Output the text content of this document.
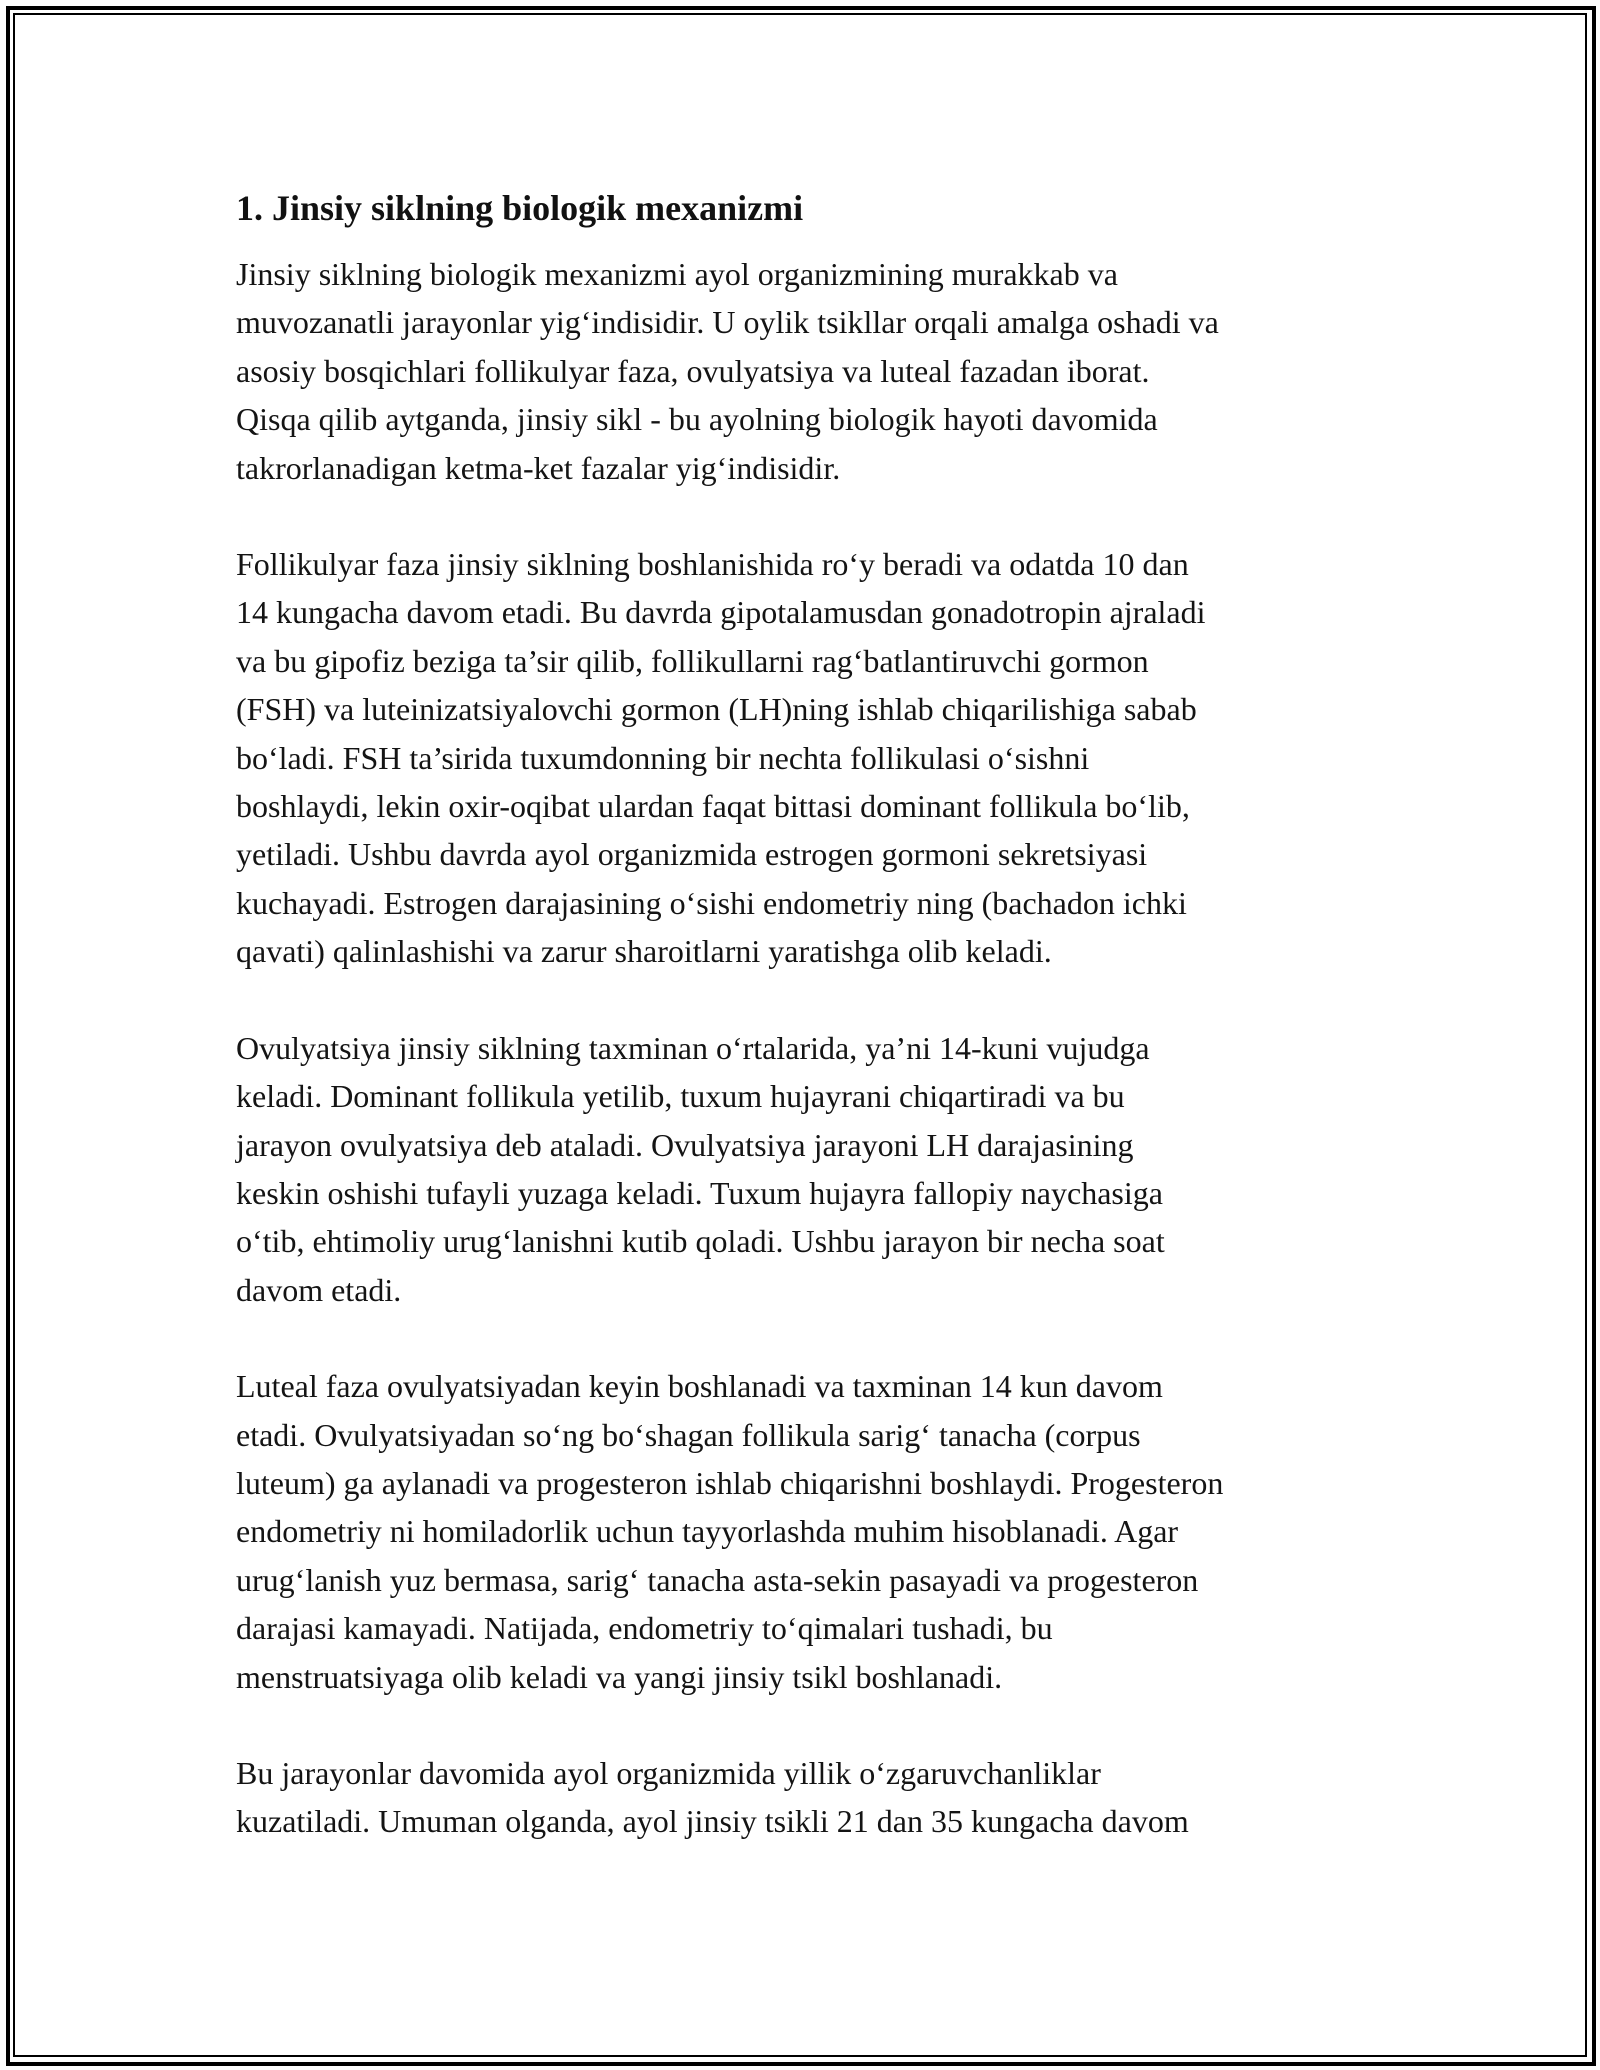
1. Jinsiy siklning biologik mexanizmi
Jinsiy siklning biologik mexanizmi ayol organizmining murakkab va
muvozanatli jarayonlar yig‘indisidir. U oylik tsikllar orqali amalga oshadi va
asosiy bosqichlari follikulyar faza, ovulyatsiya va luteal fazadan iborat.
Qisqa qilib aytganda, jinsiy sikl - bu ayolning biologik hayoti davomida
takrorlanadigan ketma-ket fazalar yig‘indisidir.
Follikulyar faza jinsiy siklning boshlanishida ro‘y beradi va odatda 10 dan
14 kungacha davom etadi. Bu davrda gipotalamusdan gonadotropin ajraladi
va bu gipofiz beziga ta’sir qilib, follikullarni rag‘batlantiruvchi gormon
(FSH) va luteinizatsiyalovchi gormon (LH)ning ishlab chiqarilishiga sabab
bo‘ladi. FSH ta’sirida tuxumdonning bir nechta follikulasi o‘sishni
boshlaydi, lekin oxir-oqibat ulardan faqat bittasi dominant follikula bo‘lib,
yetiladi. Ushbu davrda ayol organizmida estrogen gormoni sekretsiyasi
kuchayadi. Estrogen darajasining o‘sishi endometriy ning (bachadon ichki
qavati) qalinlashishi va zarur sharoitlarni yaratishga olib keladi.
Ovulyatsiya jinsiy siklning taxminan o‘rtalarida, ya’ni 14-kuni vujudga
keladi. Dominant follikula yetilib, tuxum hujayrani chiqartiradi va bu
jarayon ovulyatsiya deb ataladi. Ovulyatsiya jarayoni LH darajasining
keskin oshishi tufayli yuzaga keladi. Tuxum hujayra fallopiy naychasiga
o‘tib, ehtimoliy urug‘lanishni kutib qoladi. Ushbu jarayon bir necha soat
davom etadi.
Luteal faza ovulyatsiyadan keyin boshlanadi va taxminan 14 kun davom
etadi. Ovulyatsiyadan so‘ng bo‘shagan follikula sarig‘ tanacha (corpus
luteum) ga aylanadi va progesteron ishlab chiqarishni boshlaydi. Progesteron
endometriy ni homiladorlik uchun tayyorlashda muhim hisoblanadi. Agar
urug‘lanish yuz bermasa, sarig‘ tanacha asta-sekin pasayadi va progesteron
darajasi kamayadi. Natijada, endometriy to‘qimalari tushadi, bu
menstruatsiyaga olib keladi va yangi jinsiy tsikl boshlanadi.
Bu jarayonlar davomida ayol organizmida yillik o‘zgaruvchanliklar
kuzatiladi. Umuman olganda, ayol jinsiy tsikli 21 dan 35 kungacha davom
